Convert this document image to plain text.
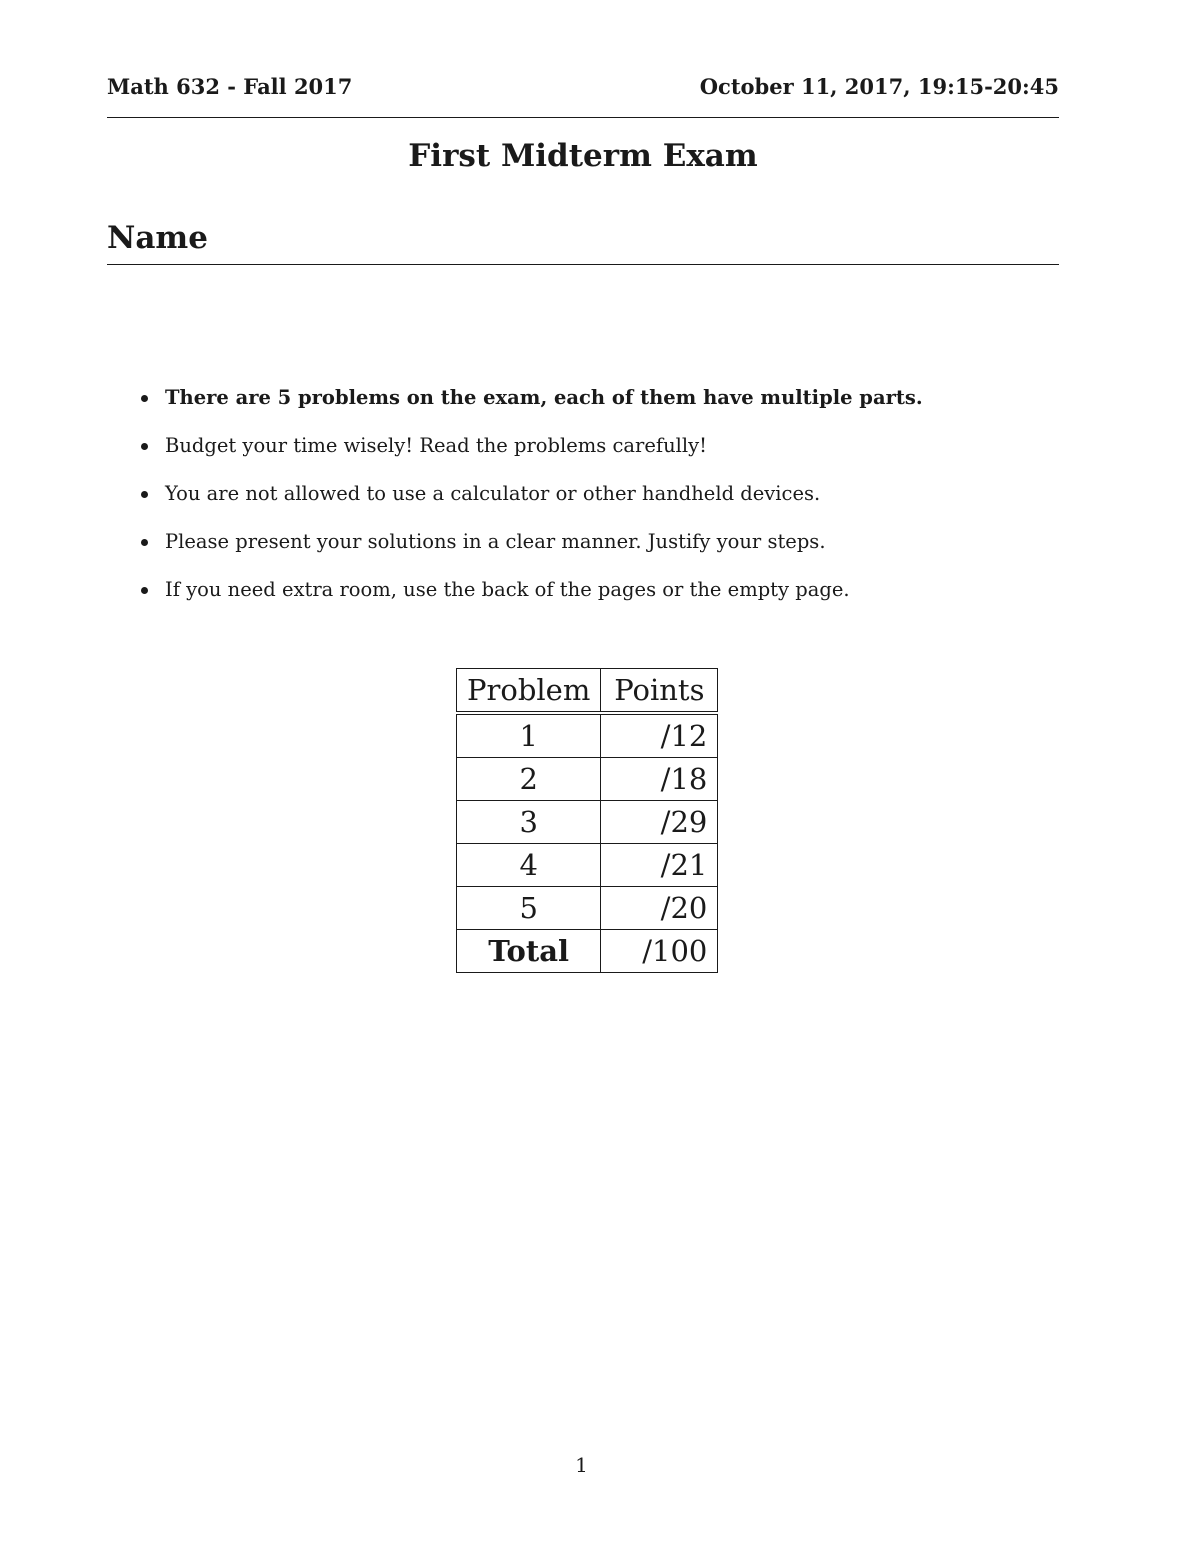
Math 632 - Fall 2017	October 11, 2017, 19:15-20:45
First Midterm Exam
Name
There are 5 problems on the exam, each of them have multiple parts.
Budget your time wisely! Read the problems carefully!
You are not allowed to use a calculator or other handheld devices.
Please present your solutions in a clear manner. Justify your steps.
If you need extra room, use the back of the pages or the empty page.
Problem	Points
1	/12
2	/18
3	/29
4	/21
5	/20
Total	/100
1
